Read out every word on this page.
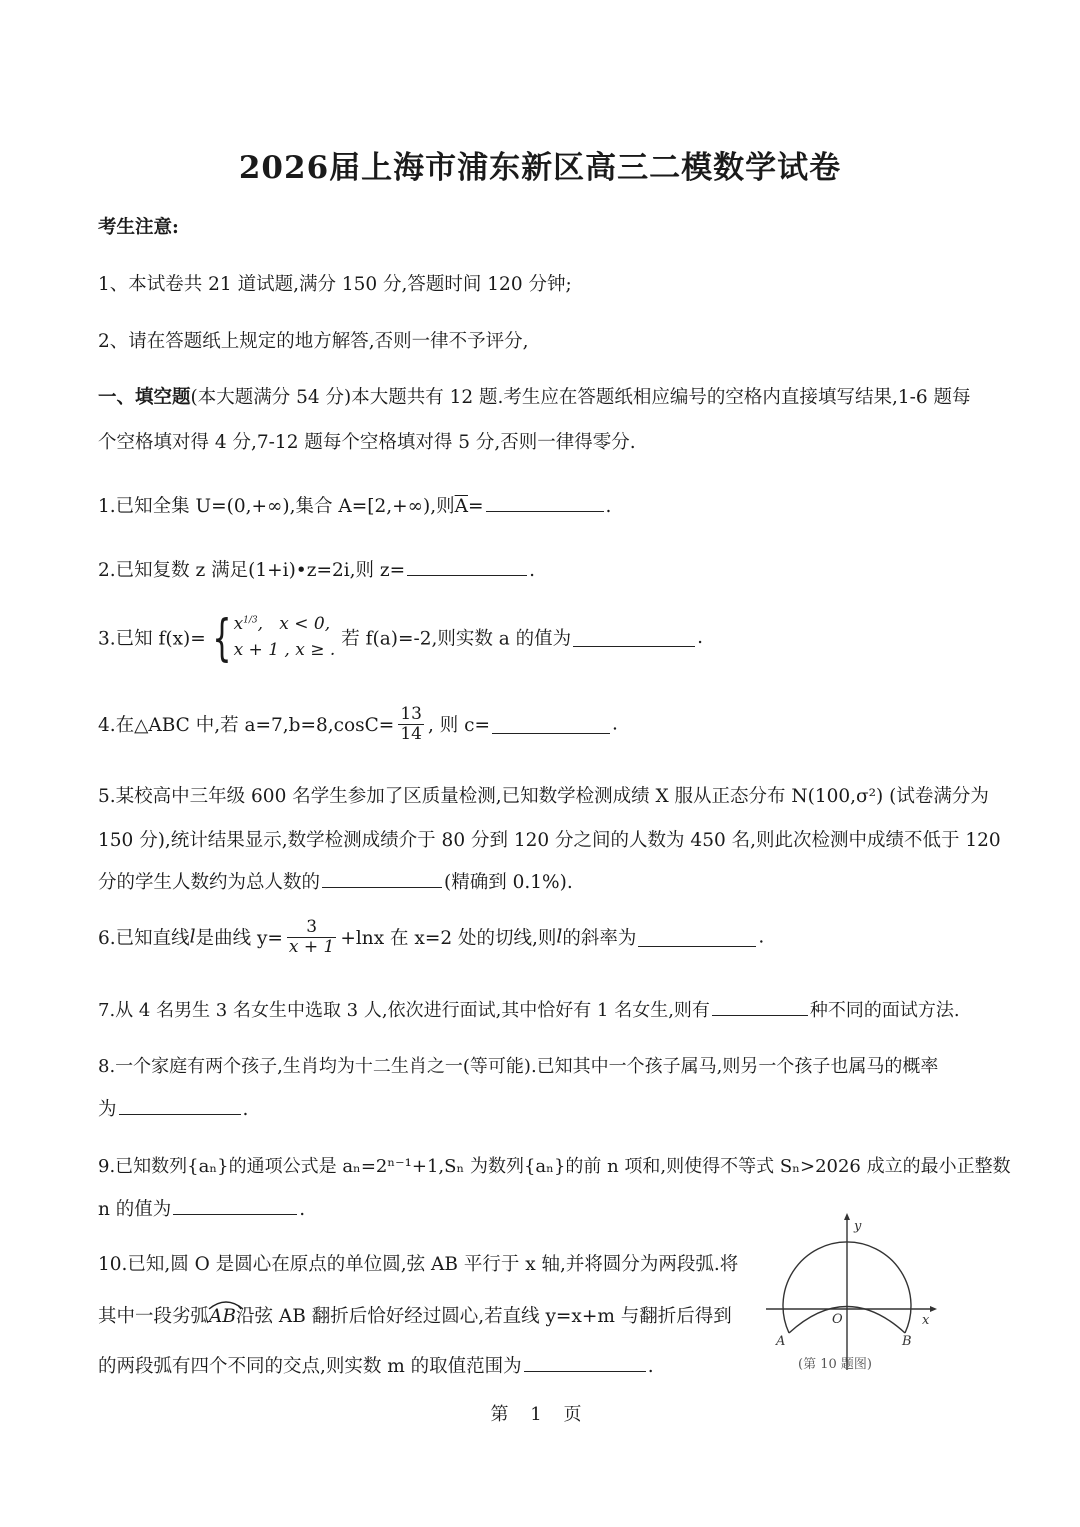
2026届上海市浦东新区高三二模数学试卷
考生注意:
1、本试卷共 21 道试题,满分 150 分,答题时间 120 分钟;
2、请在答题纸上规定的地方解答,否则一律不予评分,
一、填空题(本大题满分 54 分)本大题共有 12 题.考生应在答题纸相应编号的空格内直接填写结果,1-6 题每
个空格填对得 4 分,7-12 题每个空格填对得 5 分,否则一律得零分.
1.已知全集 U=(0,+∞),集合 A=[2,+∞),则$\overline{A}=$	.
2.已知复数 z 满足(1+i)•z=2i,则 z=	.
3.已知 f(x)= { $x^{1/3}$,   x < 0,
x + 1 , x ≥ . 若 f(a)=-2,则实数 a 的值为	.
4.在△ABC 中,若 $a=7,b=8,\cos C= \frac{13}{14}$ , 则 c=	.
5.某校高中三年级 600 名学生参加了区质量检测,已知数学检测成绩 X 服从正态分布 N(100,σ²) (试卷满分为
150 分),统计结果显示,数学检测成绩介于 80 分到 120 分之间的人数为 450 名,则此次检测中成绩不低于 120
分的学生人数约为总人数的	(精确到 0.1%).
6.已知直线l是曲线 $y= \frac{3}{x + 1} +\ln x$ 在 x=2 处的切线,则l的斜率为	.
7.从 4 名男生 3 名女生中选取 3 人,依次进行面试,其中恰好有 1 名女生,则有	种不同的面试方法.
8.一个家庭有两个孩子,生肖均为十二生肖之一(等可能).已知其中一个孩子属马,则另一个孩子也属马的概率
为	.
9.已知数列{aₙ}的通项公式是 aₙ=2ⁿ⁻¹+1,Sₙ 为数列{aₙ}的前 n 项和,则使得不等式 Sₙ>2026 成立的最小正整数
n 的值为	.
10.已知,圆 O 是圆心在原点的单位圆,弦 AB 平行于 x 轴,并将圆分为两段弧.将
其中一段劣弧
AB沿弦 AB 翻折后恰好经过圆心,若直线 y=x+m 与翻折后得到
的两段弧有四个不同的交点,则实数 m 的取值范围为	.
y
x
O
A	B
(第 10 题图)
第 1 页
